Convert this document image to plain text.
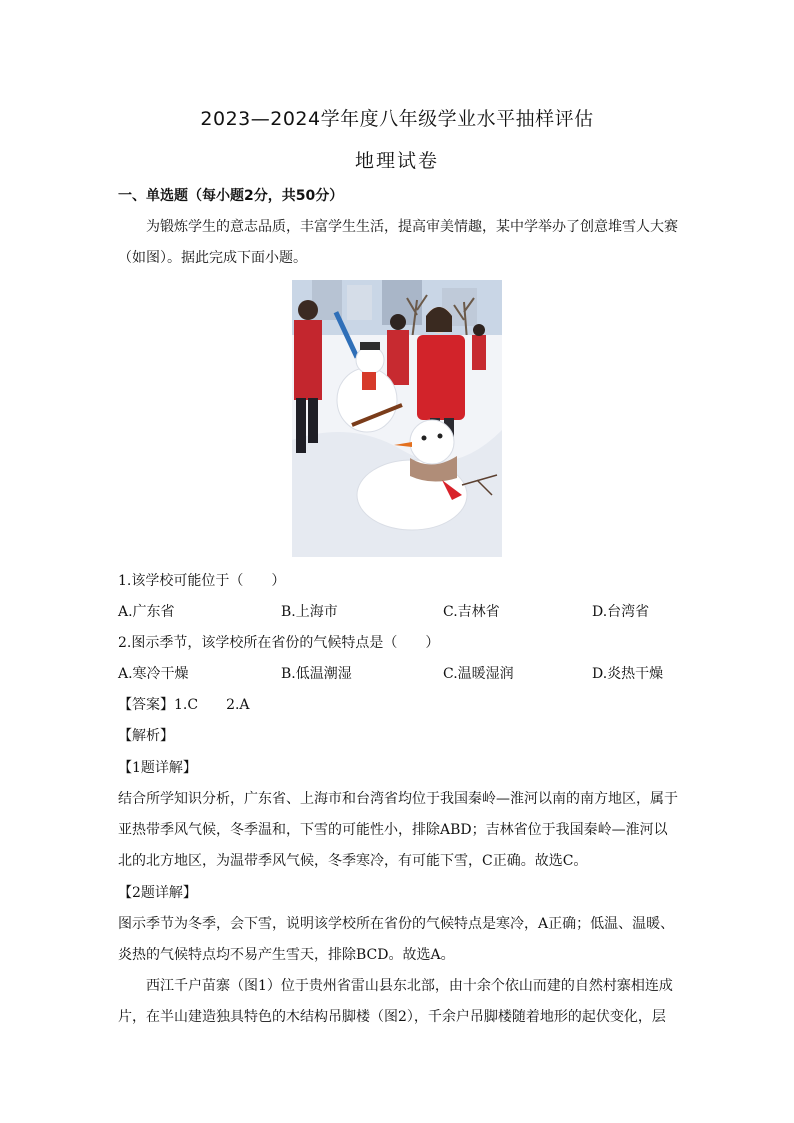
2023—2024学年度八年级学业水平抽样评估
地理试卷
一、单选题（每小题2分，共50分）
为锻炼学生的意志品质，丰富学生生活，提高审美情趣，某中学举办了创意堆雪人大赛
（如图）。据此完成下面小题。
1.该学校可能位于（　　）
A.广东省	B.上海市	C.吉林省	D.台湾省
2.图示季节，该学校所在省份的气候特点是（　　）
A.寒冷干燥	B.低温潮湿	C.温暖湿润	D.炎热干燥
【答案】1.C　　2.A
【解析】
【1题详解】
结合所学知识分析，广东省、上海市和台湾省均位于我国秦岭—淮河以南的南方地区，属于
亚热带季风气候，冬季温和，下雪的可能性小，排除ABD；吉林省位于我国秦岭—淮河以
北的北方地区，为温带季风气候，冬季寒冷，有可能下雪，C正确。故选C。
【2题详解】
图示季节为冬季，会下雪，说明该学校所在省份的气候特点是寒冷，A正确；低温、温暖、
炎热的气候特点均不易产生雪天，排除BCD。故选A。
西江千户苗寨（图1）位于贵州省雷山县东北部，由十余个依山而建的自然村寨相连成
片，在半山建造独具特色的木结构吊脚楼（图2），千余户吊脚楼随着地形的起伏变化，层
